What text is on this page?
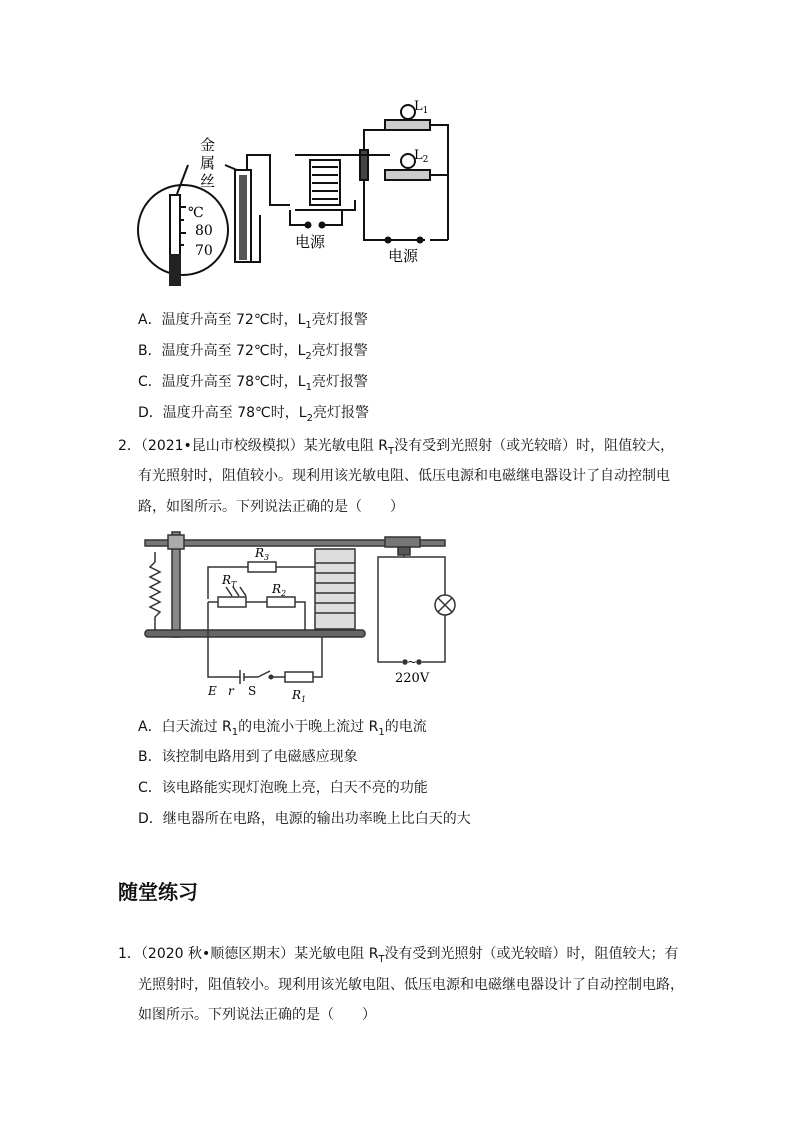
金
属
丝
℃
80
70	电源
电源
$L_1$
$L_2$
A．温度升高至 72℃时，$L_1$亮灯报警
B．温度升高至 72℃时，$L_2$亮灯报警
C．温度升高至 78℃时，$L_1$亮灯报警
D．温度升高至 78℃时，$L_2$亮灯报警
2．（2021•昆山市校级模拟）某光敏电阻 $R_T$没有受到光照射（或光较暗）时，阻值较大，
有光照射时，阻值较小。现利用该光敏电阻、低压电源和电磁继电器设计了自动控制电
路，如图所示。下列说法正确的是（　　）
$R_3$
$R_T$	$R_2$
$R_1$
E r S
~
220V
A．白天流过 $R_1$的电流小于晚上流过 $R_1$的电流
B．该控制电路用到了电磁感应现象
C．该电路能实现灯泡晚上亮，白天不亮的功能
D．继电器所在电路，电源的输出功率晚上比白天的大
随堂练习
1．（2020 秋•顺德区期末）某光敏电阻 $R_T$没有受到光照射（或光较暗）时，阻值较大；有
光照射时，阻值较小。现利用该光敏电阻、低压电源和电磁继电器设计了自动控制电路，
如图所示。下列说法正确的是（　　）
